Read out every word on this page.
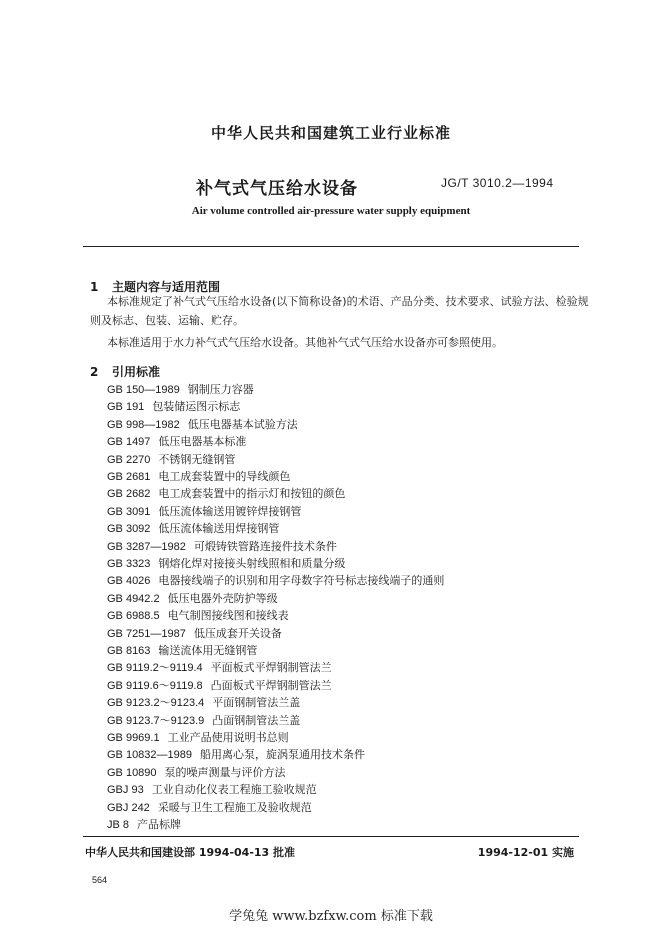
中华人民共和国建筑工业行业标准
补气式气压给水设备	JG/T 3010.2—1994
Air volume controlled air-pressure water supply equipment
1 主题内容与适用范围
本标准规定了补气式气压给水设备(以下简称设备)的术语、产品分类、技术要求、试验方法、检验规
则及标志、包装、运输、贮存。
本标准适用于水力补气式气压给水设备。其他补气式气压给水设备亦可参照使用。
2 引用标准
GB 150—1989 钢制压力容器
GB 191 包装储运图示标志
GB 998—1982 低压电器基本试验方法
GB 1497 低压电器基本标准
GB 2270 不锈钢无缝钢管
GB 2681 电工成套装置中的导线颜色
GB 2682 电工成套装置中的指示灯和按钮的颜色
GB 3091 低压流体输送用镀锌焊接钢管
GB 3092 低压流体输送用焊接钢管
GB 3287—1982 可煅铸铁管路连接件技术条件
GB 3323 钢熔化焊对接接头射线照相和质量分级
GB 4026 电器接线端子的识别和用字母数字符号标志接线端子的通则
GB 4942.2 低压电器外壳防护等级
GB 6988.5 电气制图接线图和接线表
GB 7251—1987 低压成套开关设备
GB 8163 输送流体用无缝钢管
GB 9119.2～9119.4 平面板式平焊钢制管法兰
GB 9119.6～9119.8 凸面板式平焊钢制管法兰
GB 9123.2～9123.4 平面钢制管法兰盖
GB 9123.7～9123.9 凸面钢制管法兰盖
GB 9969.1 工业产品使用说明书总则
GB 10832—1989 船用离心泵，旋涡泵通用技术条件
GB 10890 泵的噪声测量与评价方法
GBJ 93 工业自动化仪表工程施工验收规范
GBJ 242 采暖与卫生工程施工及验收规范
JB 8 产品标牌
中华人民共和国建设部 1994-04-13 批准	1994-12-01 实施
564
学兔兔 www.bzfxw.com 标准下载
